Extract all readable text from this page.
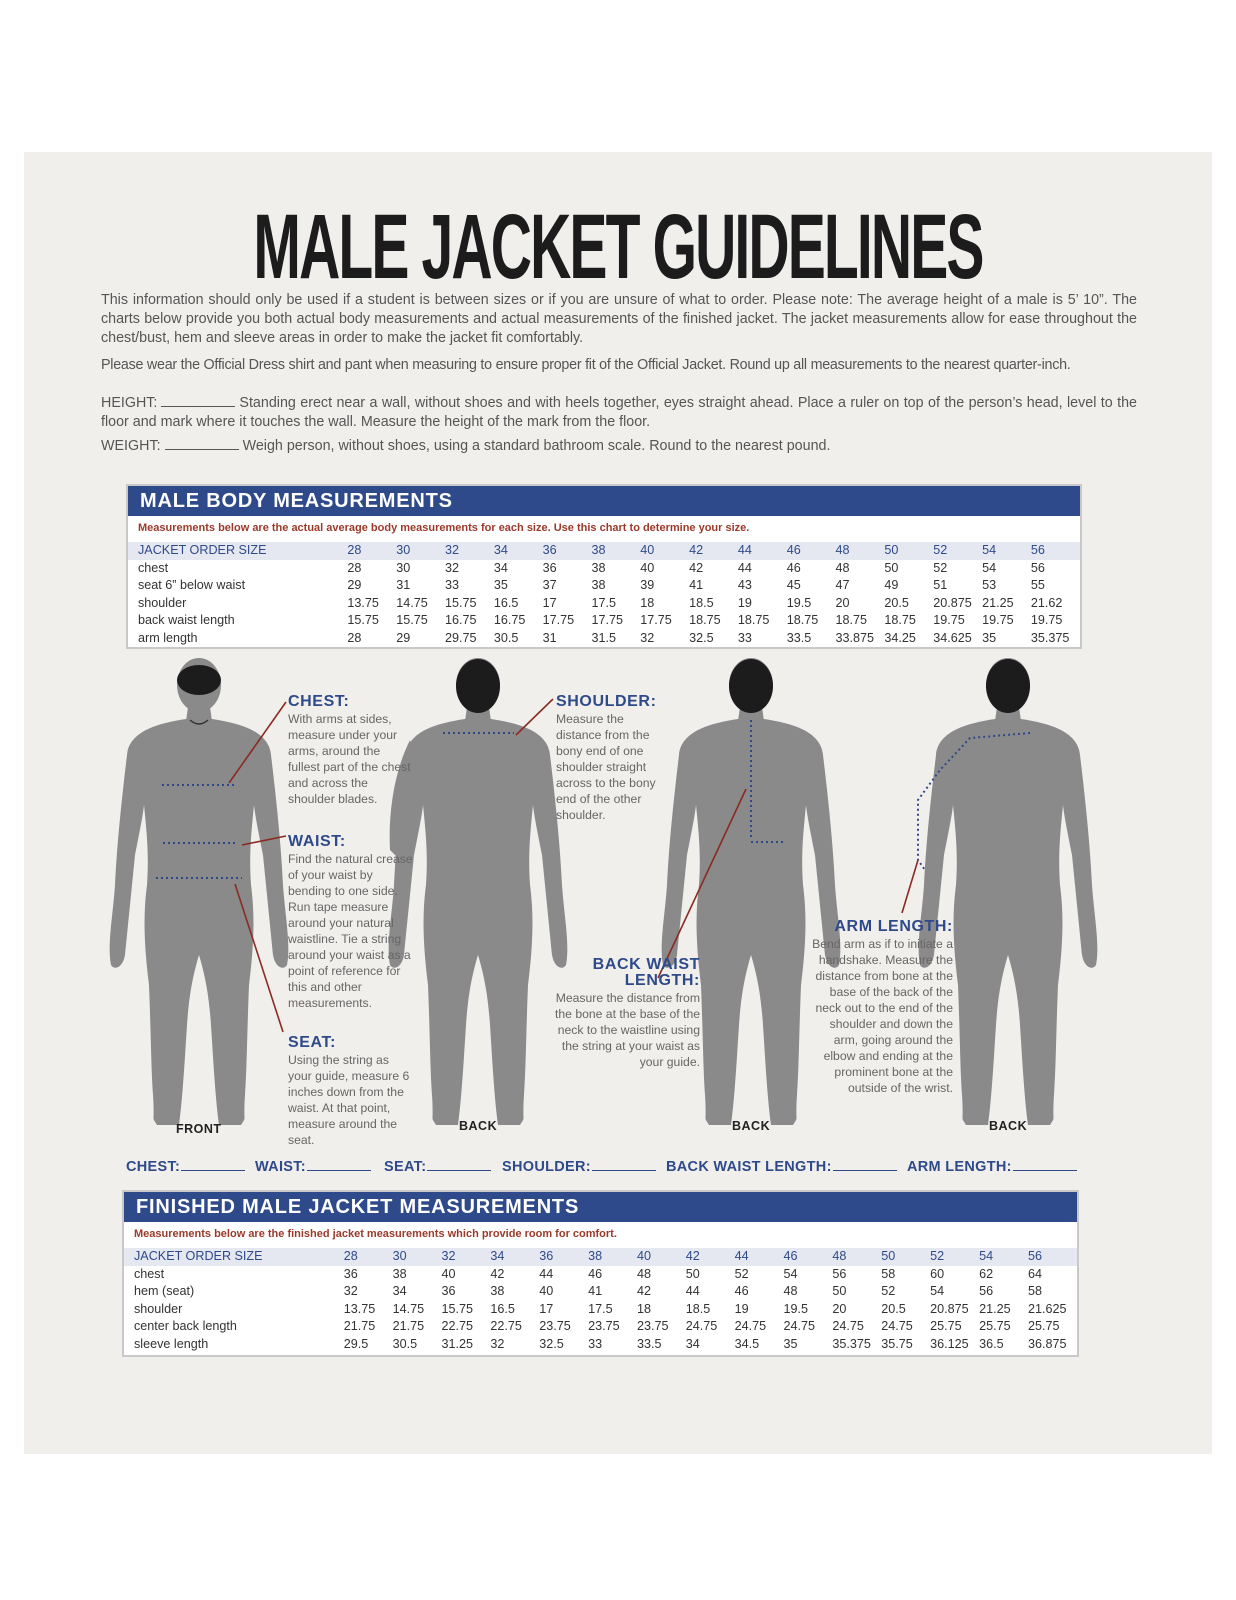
MALE JACKET GUIDELINES

This information should only be used if a student is between sizes or if you are unsure of what to order. Please note: The average height of a male is 5’ 10”. The charts below provide you both actual body measurements and actual measurements of the finished jacket. The jacket measurements allow for ease throughout the chest/bust, hem and sleeve areas in order to make the jacket fit comfortably.

Please wear the Official Dress shirt and pant when measuring to ensure proper fit of the Official Jacket. Round up all measurements to the nearest quarter-inch.

HEIGHT:	Standing erect near a wall, without shoes and with heels together, eyes straight ahead. Place a ruler on top of the person’s head, level to the floor and mark where it touches the wall. Measure the height of the mark from the floor.

WEIGHT:	Weigh person, without shoes, using a standard bathroom scale. Round to the nearest pound.

MALE BODY MEASUREMENTS
Measurements below are the actual average body measurements for each size. Use this chart to determine your size.
JACKET ORDER SIZE	28	30	32	34	36	38	40	42	44	46	48	50	52	54	56
chest	28	30	32	34	36	38	40	42	44	46	48	50	52	54	56
seat 6” below waist	29	31	33	35	37	38	39	41	43	45	47	49	51	53	55
shoulder	13.75	14.75	15.75	16.5	17	17.5	18	18.5	19	19.5	20	20.5	20.875	21.25	21.62
back waist length	15.75	15.75	16.75	16.75	17.75	17.75	17.75	18.75	18.75	18.75	18.75	18.75	19.75	19.75	19.75
arm length	28	29	29.75	30.5	31	31.5	32	32.5	33	33.5	33.875	34.25	34.625	35	35.375
FRONT	BACK	BACK	BACK
CHEST:

With arms at sides, measure under your arms, around the fullest part of the chest and across the shoulder blades.

WAIST:

Find the natural crease of your waist by bending to one side. Run tape measure around your natural waistline. Tie a string around your waist as a point of reference for this and other measurements.

SEAT:

Using the string as your guide, measure 6 inches down from the waist. At that point, measure around the seat.

SHOULDER:

Measure the distance from the bony end of one shoulder straight across to the bony end of the other shoulder.

BACK WAIST
LENGTH:

Measure the distance from the bone at the base of the neck to the waistline using the string at your waist as your guide.

ARM LENGTH:

Bend arm as if to initiate a handshake. Measure the distance from bone at the base of the back of the neck out to the end of the shoulder and down the arm, going around the elbow and ending at the prominent bone at the outside of the wrist.

CHEST:	WAIST:	SEAT:	SHOULDER:	BACK WAIST LENGTH:	ARM LENGTH:
FINISHED MALE JACKET MEASUREMENTS
Measurements below are the finished jacket measurements which provide room for comfort.
JACKET ORDER SIZE	28	30	32	34	36	38	40	42	44	46	48	50	52	54	56
chest	36	38	40	42	44	46	48	50	52	54	56	58	60	62	64
hem (seat)	32	34	36	38	40	41	42	44	46	48	50	52	54	56	58
shoulder	13.75	14.75	15.75	16.5	17	17.5	18	18.5	19	19.5	20	20.5	20.875	21.25	21.625
center back length	21.75	21.75	22.75	22.75	23.75	23.75	23.75	24.75	24.75	24.75	24.75	24.75	25.75	25.75	25.75
sleeve length	29.5	30.5	31.25	32	32.5	33	33.5	34	34.5	35	35.375	35.75	36.125	36.5	36.875
